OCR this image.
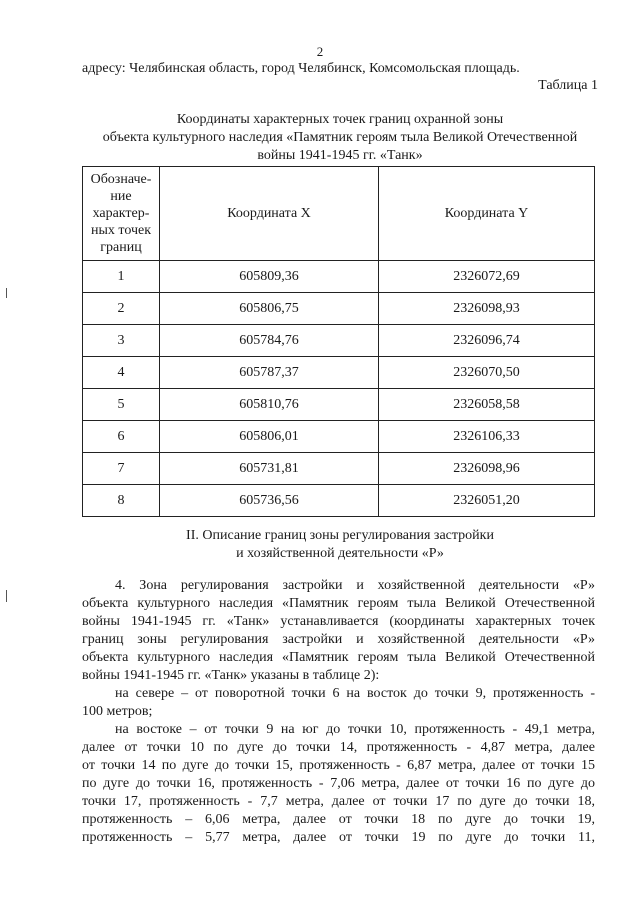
2
адресу: Челябинская область, город Челябинск, Комсомольская площадь.
Таблица 1
Координаты характерных точек границ охранной зоны
объекта культурного наследия «Памятник героям тыла Великой Отечественной
войны 1941-1945 гг. «Танк»
Обозначе-
ние
характер-
ных точек
границ	Координата X	Координата Y
1	605809,36	2326072,69
2	605806,75	2326098,93
3	605784,76	2326096,74
4	605787,37	2326070,50
5	605810,76	2326058,58
6	605806,01	2326106,33
7	605731,81	2326098,96
8	605736,56	2326051,20
II. Описание границ зоны регулирования застройки
и хозяйственной деятельности «Р»
4. Зона регулирования застройки и хозяйственной деятельности «Р»
объекта культурного наследия «Памятник героям тыла Великой Отечественной
войны 1941-1945 гг. «Танк» устанавливается (координаты характерных точек
границ зоны регулирования застройки и хозяйственной деятельности «Р»
объекта культурного наследия «Памятник героям тыла Великой Отечественной
войны 1941-1945 гг. «Танк» указаны в таблице 2):
на севере – от поворотной точки 6 на восток до точки 9, протяженность -
100 метров;
на востоке – от точки 9 на юг до точки 10, протяженность - 49,1 метра,
далее от точки 10 по дуге до точки 14, протяженность - 4,87 метра, далее
от точки 14 по дуге до точки 15, протяженность - 6,87 метра, далее от точки 15
по дуге до точки 16, протяженность - 7,06 метра, далее от точки 16 по дуге до
точки 17, протяженность - 7,7 метра, далее от точки 17 по дуге до точки 18,
протяженность – 6,06 метра, далее от точки 18 по дуге до точки 19,
протяженность – 5,77 метра, далее от точки 19 по дуге до точки 11,
